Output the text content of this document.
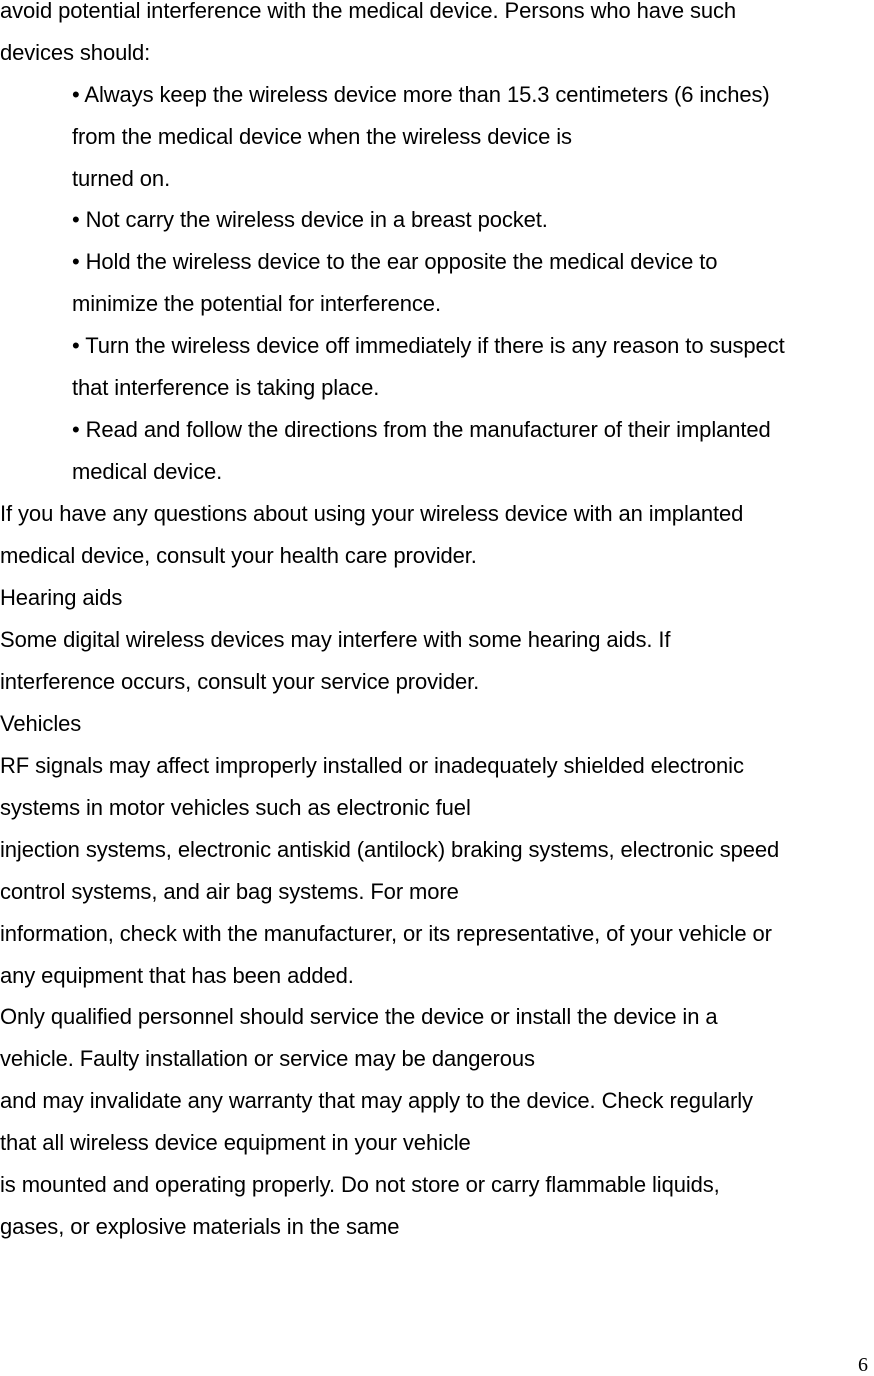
avoid potential interference with the medical device. Persons who have such
devices should:
• Always keep the wireless device more than 15.3 centimeters (6 inches)
from the medical device when the wireless device is
turned on.
• Not carry the wireless device in a breast pocket.
• Hold the wireless device to the ear opposite the medical device to
minimize the potential for interference.
• Turn the wireless device off immediately if there is any reason to suspect
that interference is taking place.
• Read and follow the directions from the manufacturer of their implanted
medical device.
If you have any questions about using your wireless device with an implanted
medical device, consult your health care provider.
Hearing aids
Some digital wireless devices may interfere with some hearing aids. If
interference occurs, consult your service provider.
Vehicles
RF signals may affect improperly installed or inadequately shielded electronic
systems in motor vehicles such as electronic fuel
injection systems, electronic antiskid (antilock) braking systems, electronic speed
control systems, and air bag systems. For more
information, check with the manufacturer, or its representative, of your vehicle or
any equipment that has been added.
Only qualified personnel should service the device or install the device in a
vehicle. Faulty installation or service may be dangerous
and may invalidate any warranty that may apply to the device. Check regularly
that all wireless device equipment in your vehicle
is mounted and operating properly. Do not store or carry flammable liquids,
gases, or explosive materials in the same
6
